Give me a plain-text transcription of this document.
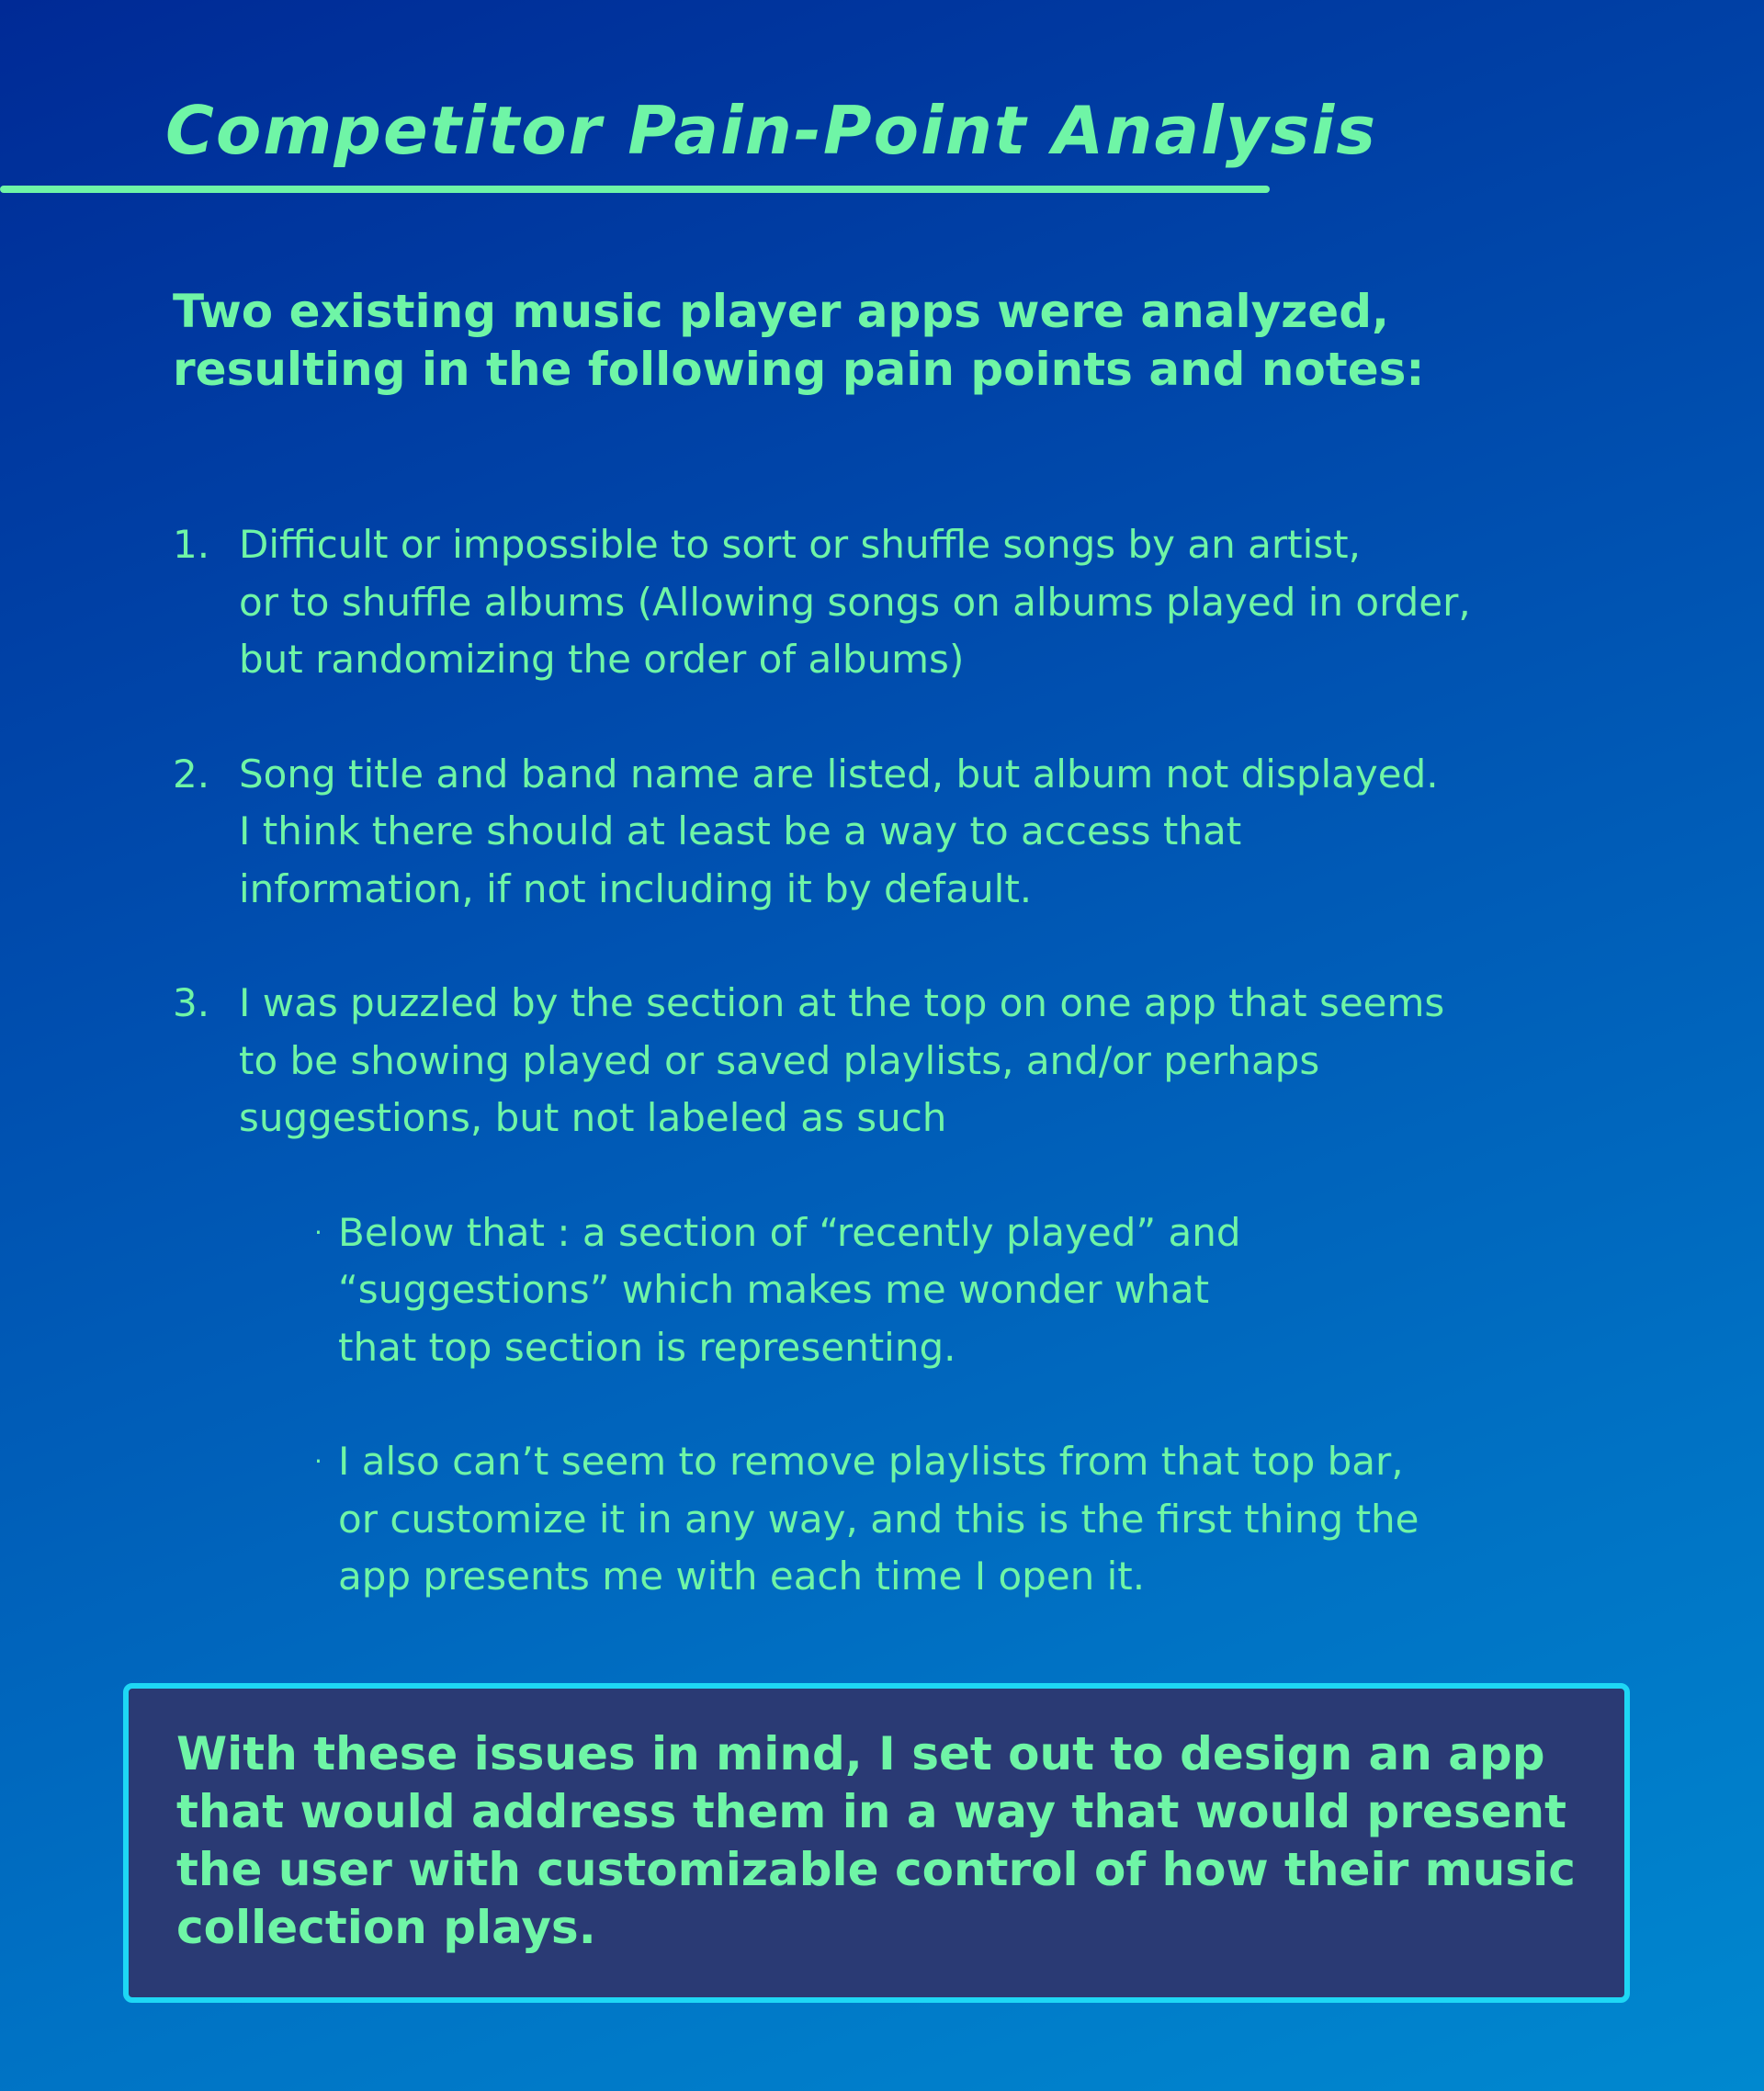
Competitor Pain-Point Analysis

Two existing music player apps were analyzed,
resulting in the following pain points and notes:

1. Difficult or impossible to sort or shuffle songs by an artist,
or to shuffle albums (Allowing songs on albums played in order,
but randomizing the order of albums)
2. Song title and band name are listed, but album not displayed.
I think there should at least be a way to access that
information, if not including it by default.
3. I was puzzled by the section at the top on one app that seems
to be showing played or saved playlists, and/or perhaps
suggestions, but not labeled as such
· Below that : a section of “recently played” and
“suggestions” which makes me wonder what
that top section is representing.
· I also can’t seem to remove playlists from that top bar,
or customize it in any way, and this is the first thing the
app presents me with each time I open it.

With these issues in mind, I set out to design an app
that would address them in a way that would present
the user with customizable control of how their music
collection plays.
